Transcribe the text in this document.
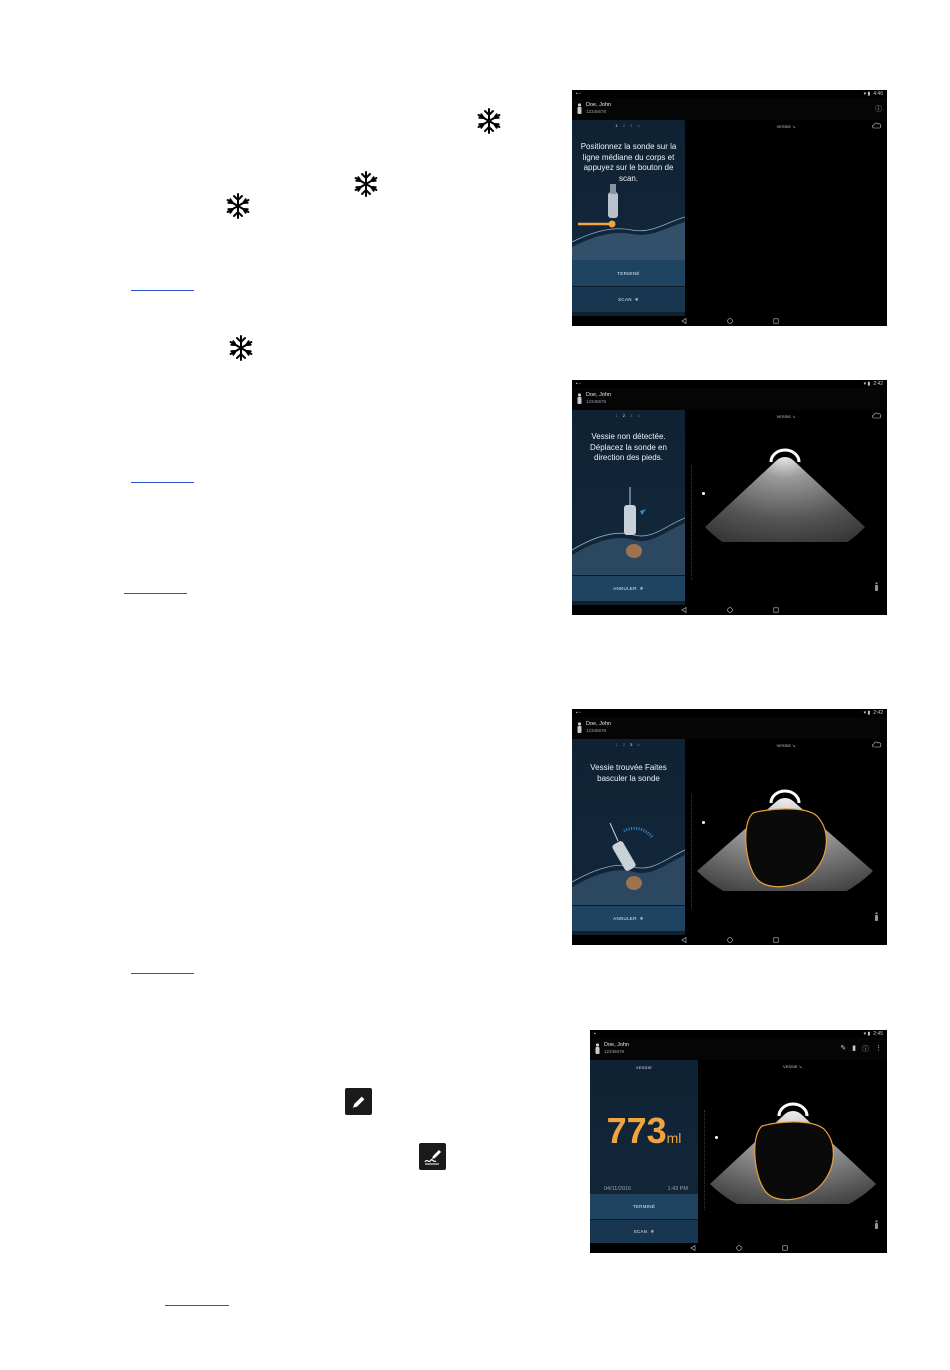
▪ ▫	▾ ▮ 4:46
Doe, John
12345678	ⓘ
1 2 3 4
Positionnez la sonde sur la ligne médiane du corps et appuyez sur le bouton de scan.
TERMINÉ
SCAN ❄
VESSIE ↘
▪ ▫	▾ ▮ 2:42
Doe, John
12345678
1 2 3 4
Vessie non détectée. Déplacez la sonde en direction des pieds.
ANNULER ❄
VESSIE ↘
▪ ▫	▾ ▮ 2:42
Doe, John
12345678
1 2 3 4
Vessie trouvée Faites basculer la sonde
ANNULER ❄
VESSIE ↘
▪	▾ ▮ 2:45
Doe, John
12345678	✎ ▮ ⓘ ⋮
VESSIE
773ml
04/11/2016	1:43 PM
TERMINÉ
SCAN ❄
VESSIE ↘
